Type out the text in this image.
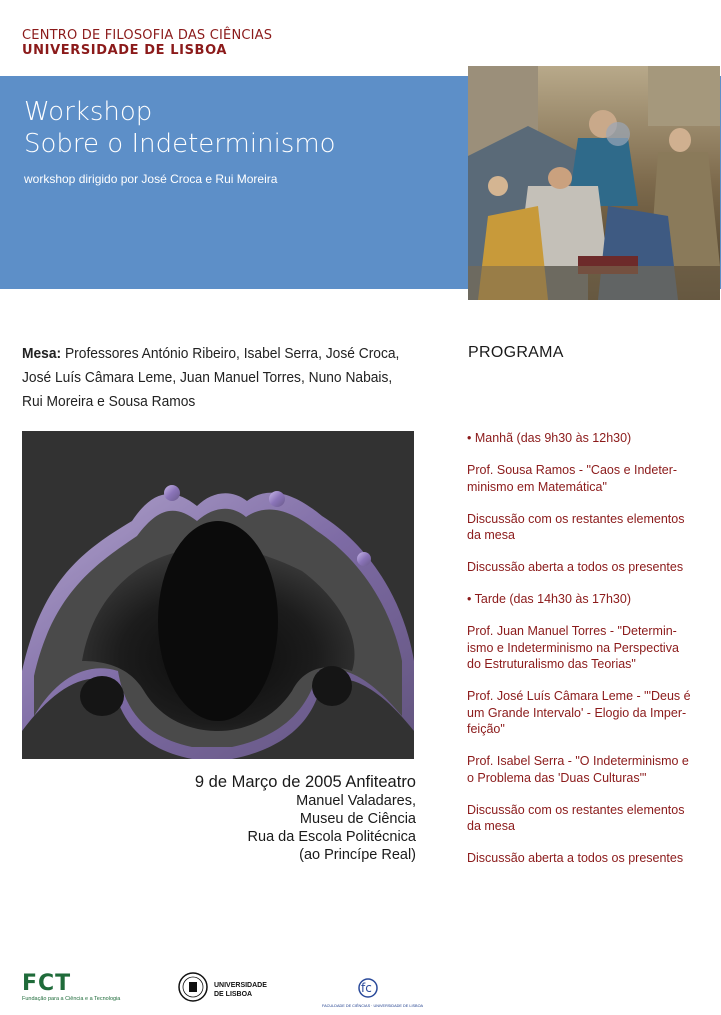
CENTRO DE FILOSOFIA DAS CIÊNCIAS
UNIVERSIDADE DE LISBOA
Workshop
Sobre o Indeterminismo
workshop dirigido por José Croca e Rui Moreira
Mesa: Professores António Ribeiro, Isabel Serra, José Croca, José Luís Câmara Leme, Juan Manuel Torres, Nuno Nabais, Rui Moreira e Sousa Ramos
PROGRAMA
• Manhã (das 9h30 às 12h30)
Prof. Sousa Ramos - "Caos e Indeter-
minismo em Matemática"
Discussão com os restantes elementos
da mesa
Discussão aberta a todos os presentes
• Tarde (das 14h30 às 17h30)
Prof. Juan Manuel Torres - "Determin-
ismo e Indeterminismo na Perspectiva
do Estruturalismo das Teorias"
Prof. José Luís Câmara Leme - "'Deus é
um Grande Intervalo' - Elogio da Imper-
feição"
Prof. Isabel Serra - "O Indeterminismo e
o Problema das 'Duas Culturas'"
Discussão com os restantes elementos
da mesa
Discussão aberta a todos os presentes
9 de Março de 2005 Anfiteatro
Manuel Valadares,
Museu de Ciência
Rua da Escola Politécnica
(ao Princípe Real)
FCT
Fundação para a Ciência e a Tecnologia
UNIVERSIDADE
DE LISBOA	fc
FACULDADE DE CIÊNCIAS · UNIVERSIDADE DE LISBOA
